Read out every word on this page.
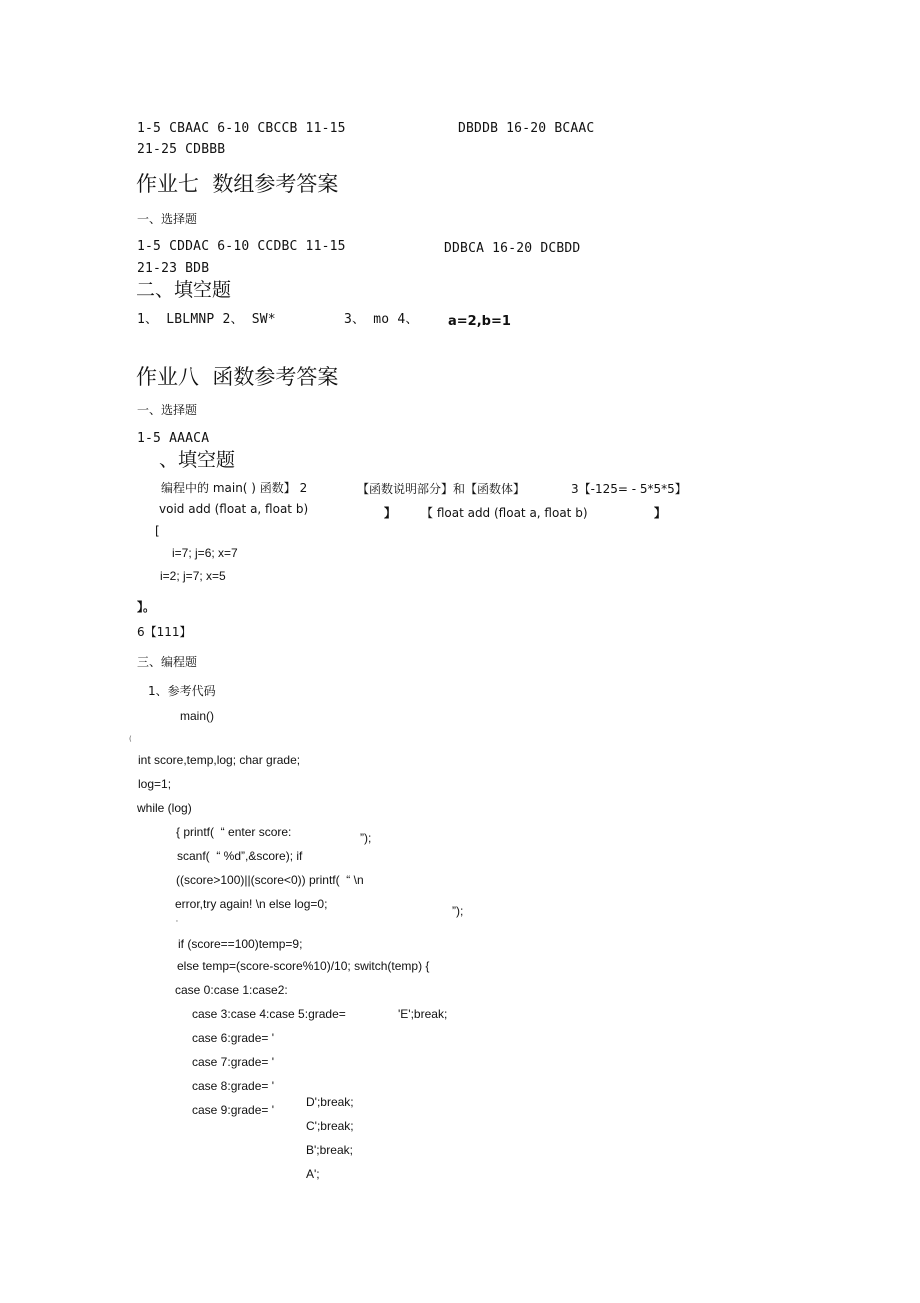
1-5 CBAAC 6-10 CBCCB 11-15	DBDDB 16-20 BCAAC
21-25 CDBBB
作业七  数组参考答案
一、选择题
1-5 CDDAC 6-10 CCDBC 11-15	DDBCA 16-20 DCBDD
21-23 BDB
二、填空题
1、 LBLMNP 2、 SW*	3、 mo 4、 a=2,b=1
作业八  函数参考答案
一、选择题
1-5 AAACA
、填空题
编程中的 main( ) 函数】 2	【函数说明部分】和【函数体】	3【-125= - 5*5*5】
void add (float a, float b)	】 【 float add (float a, float b)	】
[
i=7; j=6; x=7
i=2; j=7; x=5
】。
6【111】
三、编程题
1、参考代码
main()
(
int score,temp,log; char grade;
log=1;
while (log)
{ printf(  “ enter score:	”);
scanf(  “ %d”,&score); if
((score>100)||(score<0)) printf(  “ \n
error,try again! \n else log=0;	”);
'
if (score==100)temp=9;
else temp=(score-score%10)/10; switch(temp) {
case 0:case 1:case2:
case 3:case 4:case 5:grade=	'E';break;
case 6:grade= '
case 7:grade= '
case 8:grade= '
case 9:grade= '
D';break;
C';break;
B';break;
A';
